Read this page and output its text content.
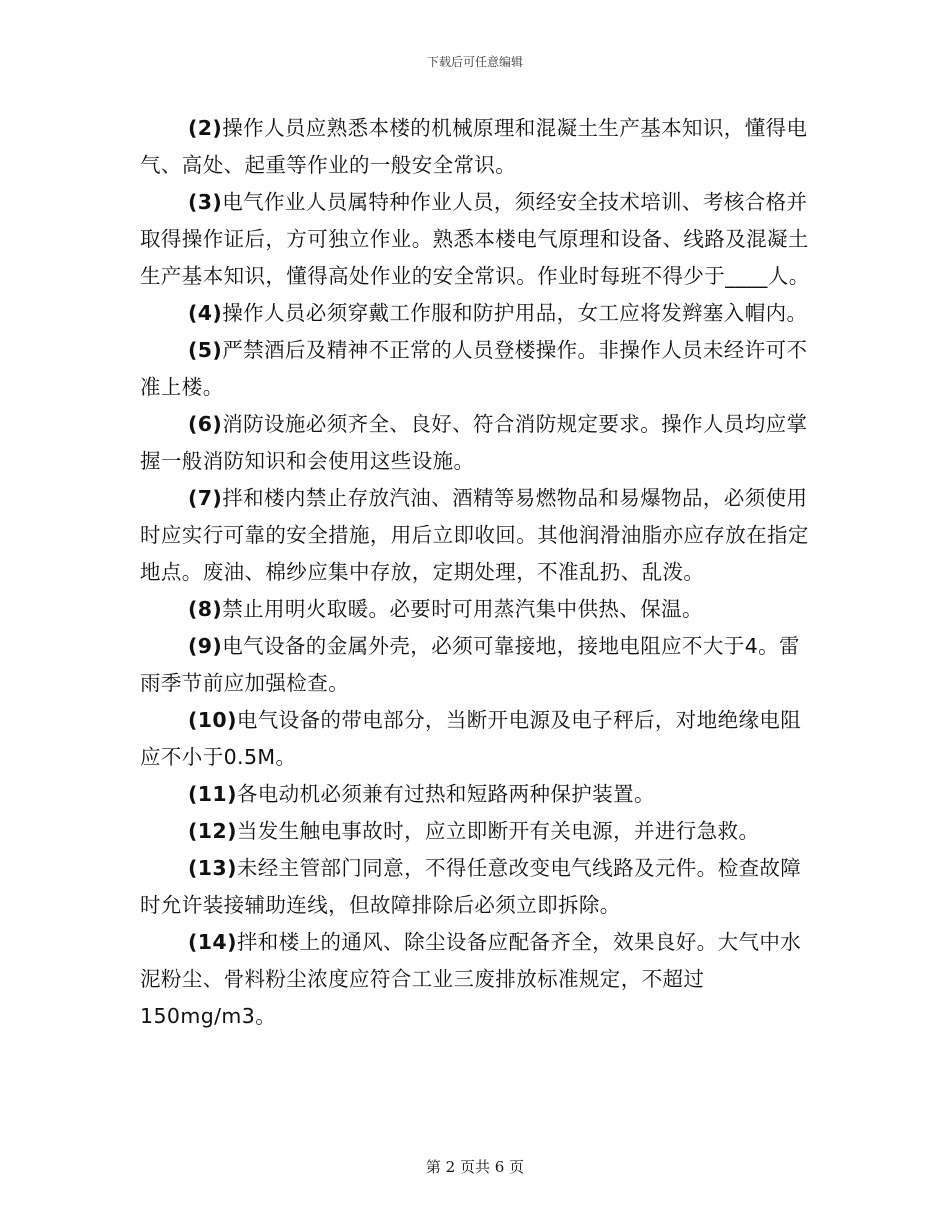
下载后可任意编辑

(2)操作人员应熟悉本楼的机械原理和混凝土生产基本知识，懂得电气、高处、起重等作业的一般安全常识。

(3)电气作业人员属特种作业人员，须经安全技术培训、考核合格并取得操作证后，方可独立作业。熟悉本楼电气原理和设备、线路及混凝土生产基本知识，懂得高处作业的安全常识。作业时每班不得少于____人。

(4)操作人员必须穿戴工作服和防护用品，女工应将发辫塞入帽内。

(5)严禁酒后及精神不正常的人员登楼操作。非操作人员未经许可不准上楼。

(6)消防设施必须齐全、良好、符合消防规定要求。操作人员均应掌握一般消防知识和会使用这些设施。

(7)拌和楼内禁止存放汽油、酒精等易燃物品和易爆物品，必须使用时应实行可靠的安全措施，用后立即收回。其他润滑油脂亦应存放在指定地点。废油、棉纱应集中存放，定期处理，不准乱扔、乱泼。

(8)禁止用明火取暖。必要时可用蒸汽集中供热、保温。

(9)电气设备的金属外壳，必须可靠接地，接地电阻应不大于4。雷雨季节前应加强检查。

(10)电气设备的带电部分，当断开电源及电子秤后，对地绝缘电阻应不小于0.5M。

(11)各电动机必须兼有过热和短路两种保护装置。

(12)当发生触电事故时，应立即断开有关电源，并进行急救。

(13)未经主管部门同意，不得任意改变电气线路及元件。检查故障时允许装接辅助连线，但故障排除后必须立即拆除。

(14)拌和楼上的通风、除尘设备应配备齐全，效果良好。大气中水泥粉尘、骨料粉尘浓度应符合工业三废排放标准规定，不超过150mg/m3。

第 2 页共 6 页
